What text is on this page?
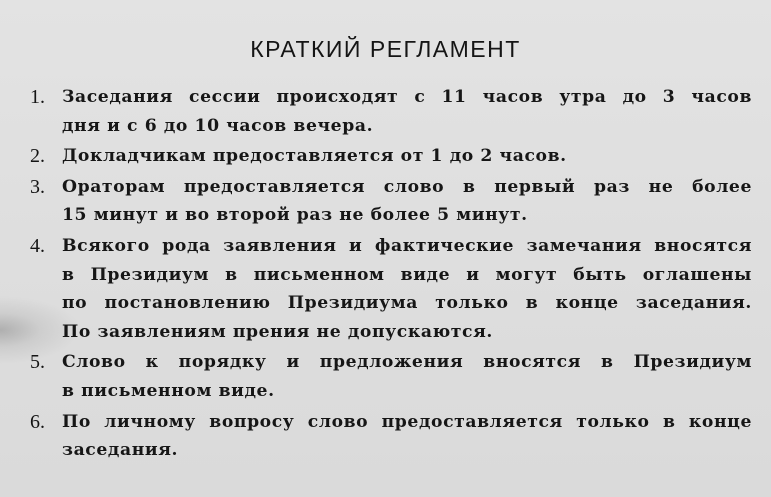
КРАТКИЙ РЕГЛАМЕНТ
1. Заседания сессии происходят с 11 часов утра до 3 часов
дня и с 6 до 10 часов вечера.
2. Докладчикам предоставляется от 1 до 2 часов.
3. Ораторам предоставляется слово в первый раз не более
15 минут и во второй раз не более 5 минут.
4. Всякого рода заявления и фактические замечания вносятся
в Президиум в письменном виде и могут быть оглашены
по постановлению Президиума только в конце заседания.
По заявлениям прения не допускаются.
5. Слово к порядку и предложения вносятся в Президиум
в письменном виде.
6. По личному вопросу слово предоставляется только в конце
заседания.
